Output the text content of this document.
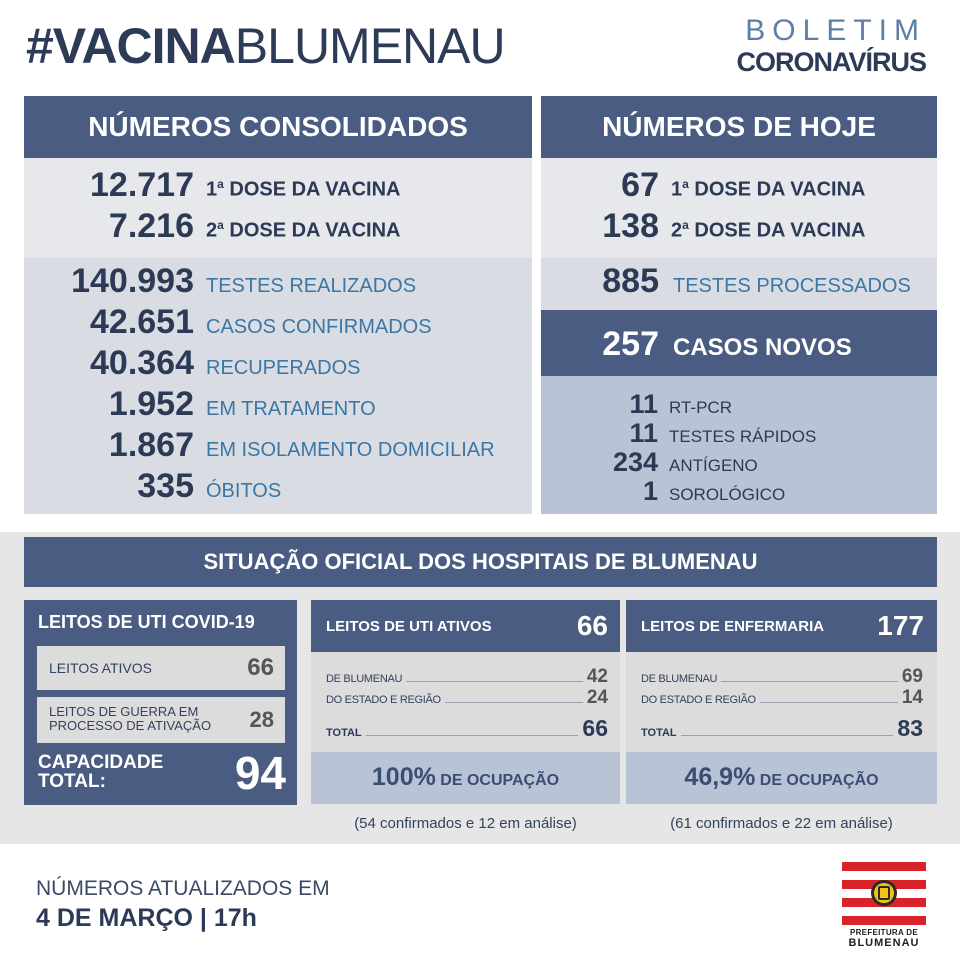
#VACINABLUMENAU	BOLETIM
CORONAVÍRUS
NÚMEROS CONSOLIDADOS
12.717 1$^a$ DOSE DA VACINA
7.216 2$^a$ DOSE DA VACINA
140.993 TESTES REALIZADOS
42.651 CASOS CONFIRMADOS
40.364 RECUPERADOS
1.952 EM TRATAMENTO
1.867 EM ISOLAMENTO DOMICILIAR
335 ÓBITOS
NÚMEROS DE HOJE
67 1$^a$ DOSE DA VACINA
138 2$^a$ DOSE DA VACINA
885 TESTES PROCESSADOS
257 CASOS NOVOS
11 RT-PCR
11 TESTES RÁPIDOS
234 ANTÍGENO
1 SOROLÓGICO
SITUAÇÃO OFICIAL DOS HOSPITAIS DE BLUMENAU
LEITOS DE UTI COVID-19
LEITOS ATIVOS	66
LEITOS DE GUERRA EM
PROCESSO DE ATIVAÇÃO	28
CAPACIDADE
TOTAL:	94
LEITOS DE UTI ATIVOS	66
DE BLUMENAU	42
DO ESTADO E REGIÃO	24
TOTAL	66
100% DE OCUPAÇÃO
(54 confirmados e 12 em análise)
LEITOS DE ENFERMARIA	177
DE BLUMENAU	69
DO ESTADO E REGIÃO	14
TOTAL	83
46,9% DE OCUPAÇÃO
(61 confirmados e 22 em análise)
NÚMEROS ATUALIZADOS EM
4 DE MARÇO | 17h
PREFEITURA DE
BLUMENAU
